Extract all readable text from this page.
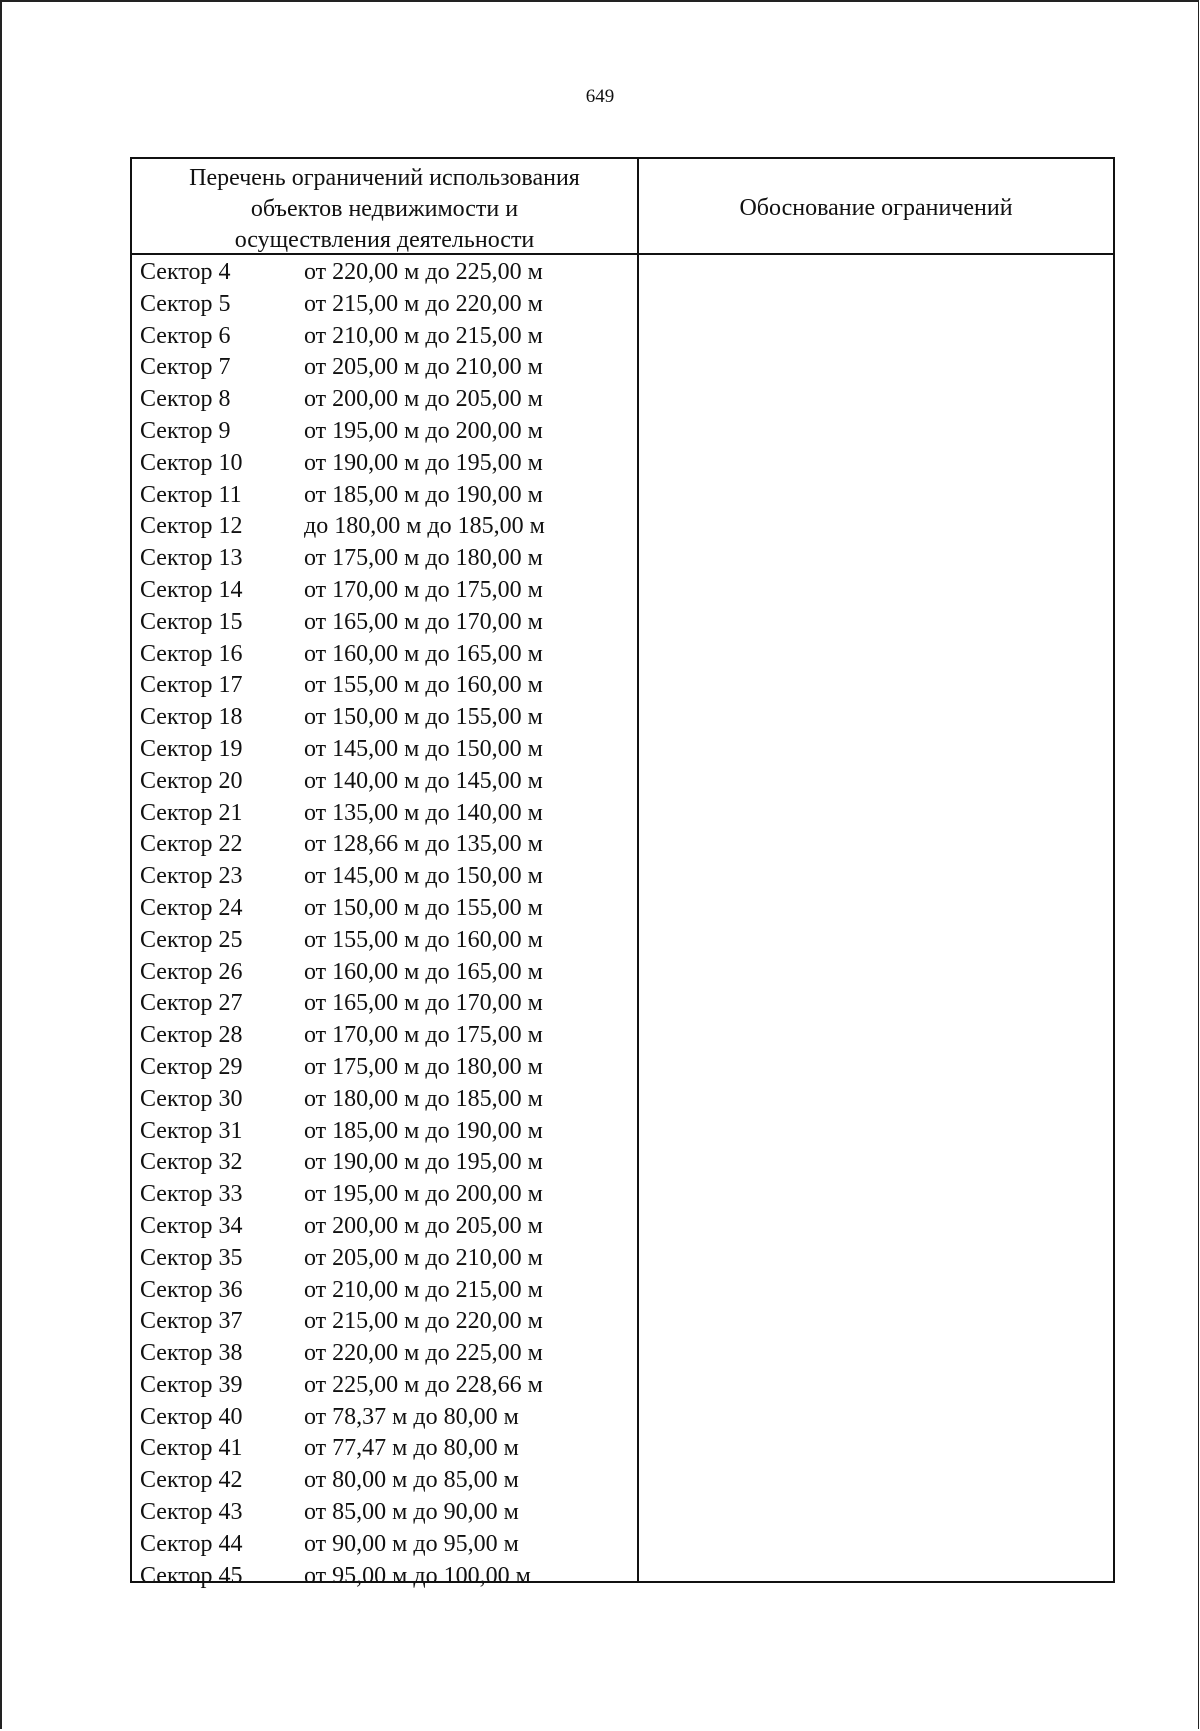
649
Перечень ограничений использования
объектов недвижимости и
осуществления деятельности
Обоснование ограничений
Сектор 4	от 220,00 м до 225,00 м
Сектор 5	от 215,00 м до 220,00 м
Сектор 6	от 210,00 м до 215,00 м
Сектор 7	от 205,00 м до 210,00 м
Сектор 8	от 200,00 м до 205,00 м
Сектор 9	от 195,00 м до 200,00 м
Сектор 10	от 190,00 м до 195,00 м
Сектор 11	от 185,00 м до 190,00 м
Сектор 12	до 180,00 м до 185,00 м
Сектор 13	от 175,00 м до 180,00 м
Сектор 14	от 170,00 м до 175,00 м
Сектор 15	от 165,00 м до 170,00 м
Сектор 16	от 160,00 м до 165,00 м
Сектор 17	от 155,00 м до 160,00 м
Сектор 18	от 150,00 м до 155,00 м
Сектор 19	от 145,00 м до 150,00 м
Сектор 20	от 140,00 м до 145,00 м
Сектор 21	от 135,00 м до 140,00 м
Сектор 22	от 128,66 м до 135,00 м
Сектор 23	от 145,00 м до 150,00 м
Сектор 24	от 150,00 м до 155,00 м
Сектор 25	от 155,00 м до 160,00 м
Сектор 26	от 160,00 м до 165,00 м
Сектор 27	от 165,00 м до 170,00 м
Сектор 28	от 170,00 м до 175,00 м
Сектор 29	от 175,00 м до 180,00 м
Сектор 30	от 180,00 м до 185,00 м
Сектор 31	от 185,00 м до 190,00 м
Сектор 32	от 190,00 м до 195,00 м
Сектор 33	от 195,00 м до 200,00 м
Сектор 34	от 200,00 м до 205,00 м
Сектор 35	от 205,00 м до 210,00 м
Сектор 36	от 210,00 м до 215,00 м
Сектор 37	от 215,00 м до 220,00 м
Сектор 38	от 220,00 м до 225,00 м
Сектор 39	от 225,00 м до 228,66 м
Сектор 40	от 78,37 м до 80,00 м
Сектор 41	от 77,47 м до 80,00 м
Сектор 42	от 80,00 м до 85,00 м
Сектор 43	от 85,00 м до 90,00 м
Сектор 44	от 90,00 м до 95,00 м
Сектор 45	от 95,00 м до 100,00 м
